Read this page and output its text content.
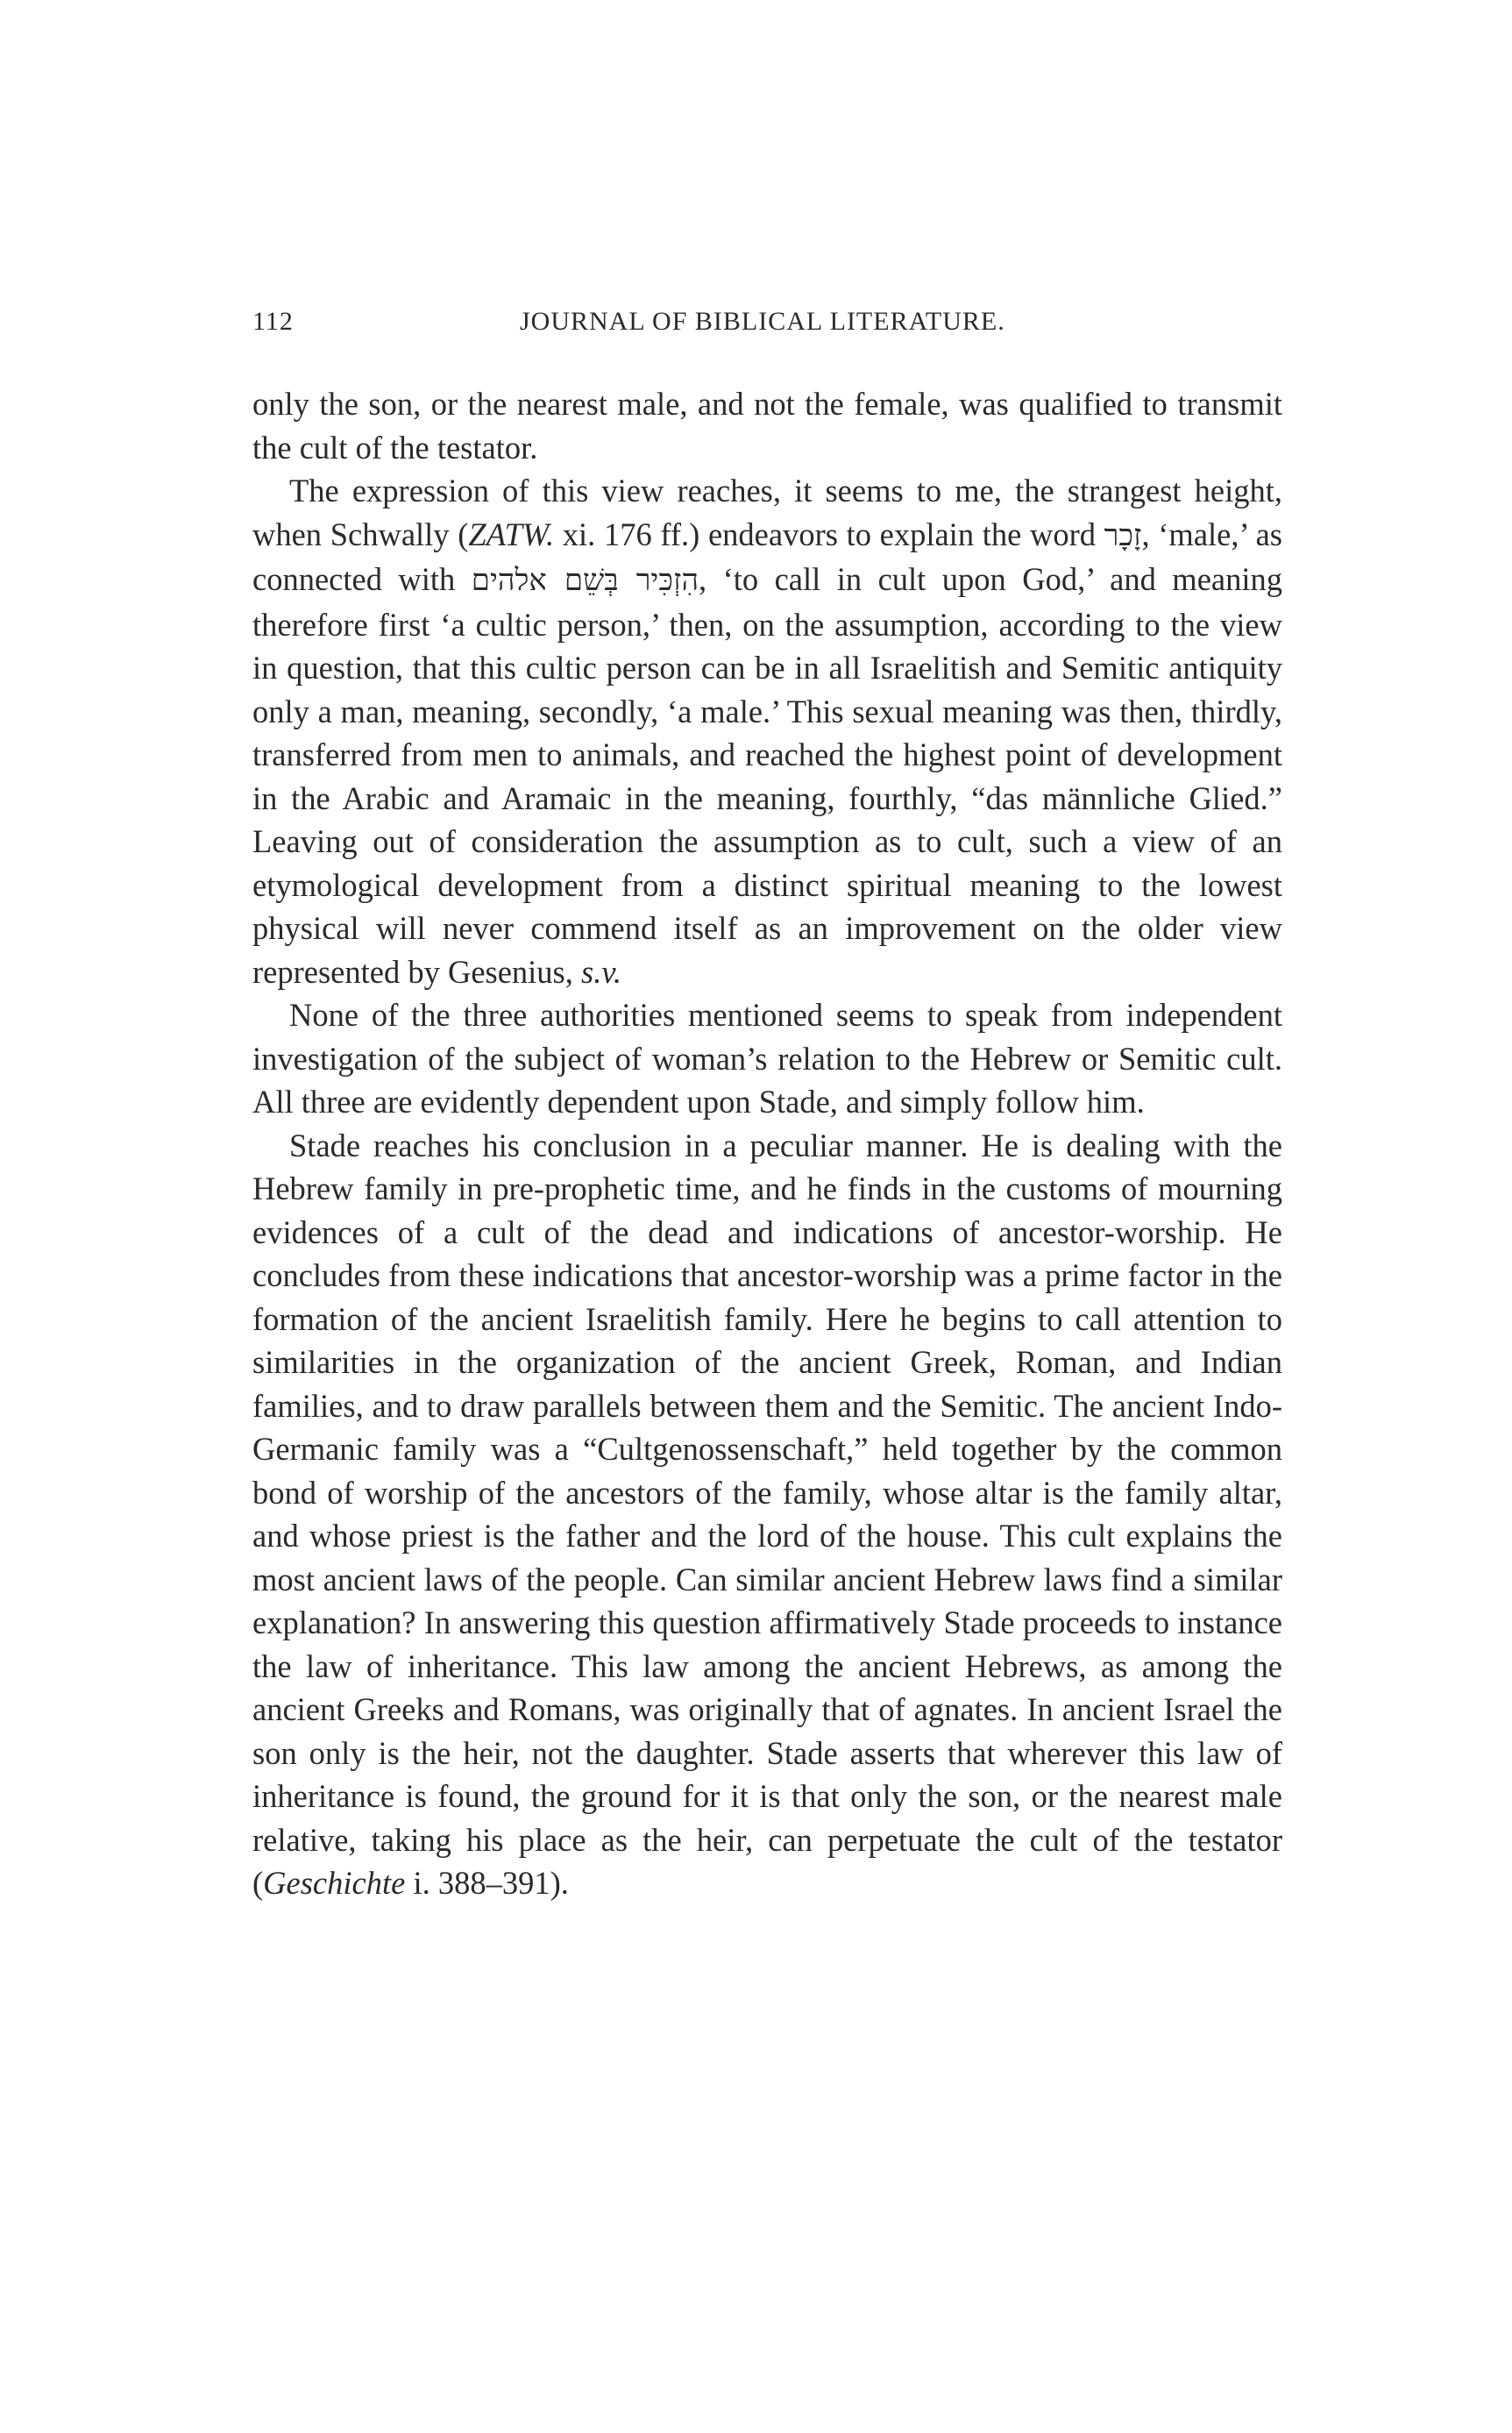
112	JOURNAL OF BIBLICAL LITERATURE.

only the son, or the nearest male, and not the female, was qualified to transmit the cult of the testator.

The expression of this view reaches, it seems to me, the strangest height, when Schwally (ZATW. xi. 176 ff.) endeavors to explain the word זָכָר, ‘male,’ as connected with הִזְכִּיר בְּשֵׁם אלהים, ‘to call in cult upon God,’ and meaning therefore first ‘a cultic person,’ then, on the assumption, according to the view in question, that this cultic person can be in all Israelitish and Semitic antiquity only a man, meaning, secondly, ‘a male.’ This sexual meaning was then, thirdly, transferred from men to animals, and reached the highest point of development in the Arabic and Aramaic in the meaning, fourthly, “das männliche Glied.” Leaving out of consideration the assumption as to cult, such a view of an etymological development from a distinct spiritual meaning to the lowest physical will never commend itself as an improvement on the older view represented by Gesenius, s.v.

None of the three authorities mentioned seems to speak from independent investigation of the subject of woman’s relation to the Hebrew or Semitic cult. All three are evidently dependent upon Stade, and simply follow him.

Stade reaches his conclusion in a peculiar manner. He is dealing with the Hebrew family in pre-prophetic time, and he finds in the customs of mourning evidences of a cult of the dead and indications of ancestor-worship. He concludes from these indications that ancestor-worship was a prime factor in the formation of the ancient Israelitish family. Here he begins to call attention to similarities in the organization of the ancient Greek, Roman, and Indian families, and to draw parallels between them and the Semitic. The ancient Indo-Germanic family was a “Cultgenossenschaft,” held together by the common bond of worship of the ancestors of the family, whose altar is the family altar, and whose priest is the father and the lord of the house. This cult explains the most ancient laws of the people. Can similar ancient Hebrew laws find a similar explanation? In answering this question affirmatively Stade proceeds to instance the law of inheritance. This law among the ancient Hebrews, as among the ancient Greeks and Romans, was originally that of agnates. In ancient Israel the son only is the heir, not the daughter. Stade asserts that wherever this law of inheritance is found, the ground for it is that only the son, or the nearest male relative, taking his place as the heir, can perpetuate the cult of the testator (Geschichte i. 388–391).
